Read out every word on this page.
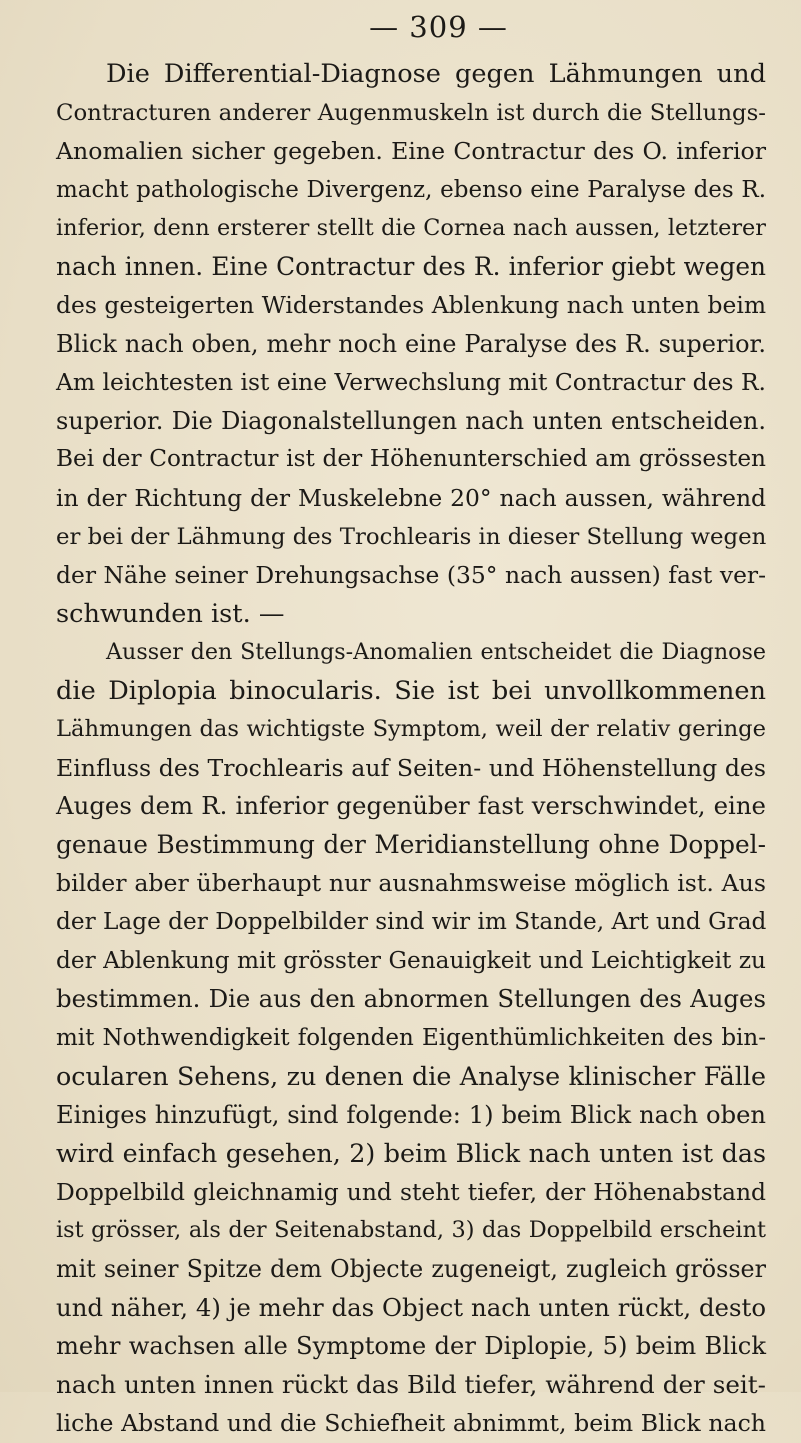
— 309 —
Die Differential-Diagnose gegen Lähmungen und
Contracturen anderer Augenmuskeln ist durch die Stellungs-
Anomalien sicher gegeben. Eine Contractur des O. inferior
macht pathologische Divergenz, ebenso eine Paralyse des R.
inferior, denn ersterer stellt die Cornea nach aussen, letzterer
nach innen. Eine Contractur des R. inferior giebt wegen
des gesteigerten Widerstandes Ablenkung nach unten beim
Blick nach oben, mehr noch eine Paralyse des R. superior.
Am leichtesten ist eine Verwechslung mit Contractur des R.
superior. Die Diagonalstellungen nach unten entscheiden.
Bei der Contractur ist der Höhenunterschied am grössesten
in der Richtung der Muskelebne 20° nach aussen, während
er bei der Lähmung des Trochlearis in dieser Stellung wegen
der Nähe seiner Drehungsachse (35° nach aussen) fast ver-
schwunden ist. —
Ausser den Stellungs-Anomalien entscheidet die Diagnose
die Diplopia binocularis. Sie ist bei unvollkommenen
Lähmungen das wichtigste Symptom, weil der relativ geringe
Einfluss des Trochlearis auf Seiten- und Höhenstellung des
Auges dem R. inferior gegenüber fast verschwindet, eine
genaue Bestimmung der Meridianstellung ohne Doppel-
bilder aber überhaupt nur ausnahmsweise möglich ist. Aus
der Lage der Doppelbilder sind wir im Stande, Art und Grad
der Ablenkung mit grösster Genauigkeit und Leichtigkeit zu
bestimmen. Die aus den abnormen Stellungen des Auges
mit Nothwendigkeit folgenden Eigenthümlichkeiten des bin-
ocularen Sehens, zu denen die Analyse klinischer Fälle
Einiges hinzufügt, sind folgende: 1) beim Blick nach oben
wird einfach gesehen, 2) beim Blick nach unten ist das
Doppelbild gleichnamig und steht tiefer, der Höhenabstand
ist grösser, als der Seitenabstand, 3) das Doppelbild erscheint
mit seiner Spitze dem Objecte zugeneigt, zugleich grösser
und näher, 4) je mehr das Object nach unten rückt, desto
mehr wachsen alle Symptome der Diplopie, 5) beim Blick
nach unten innen rückt das Bild tiefer, während der seit-
liche Abstand und die Schiefheit abnimmt, beim Blick nach
